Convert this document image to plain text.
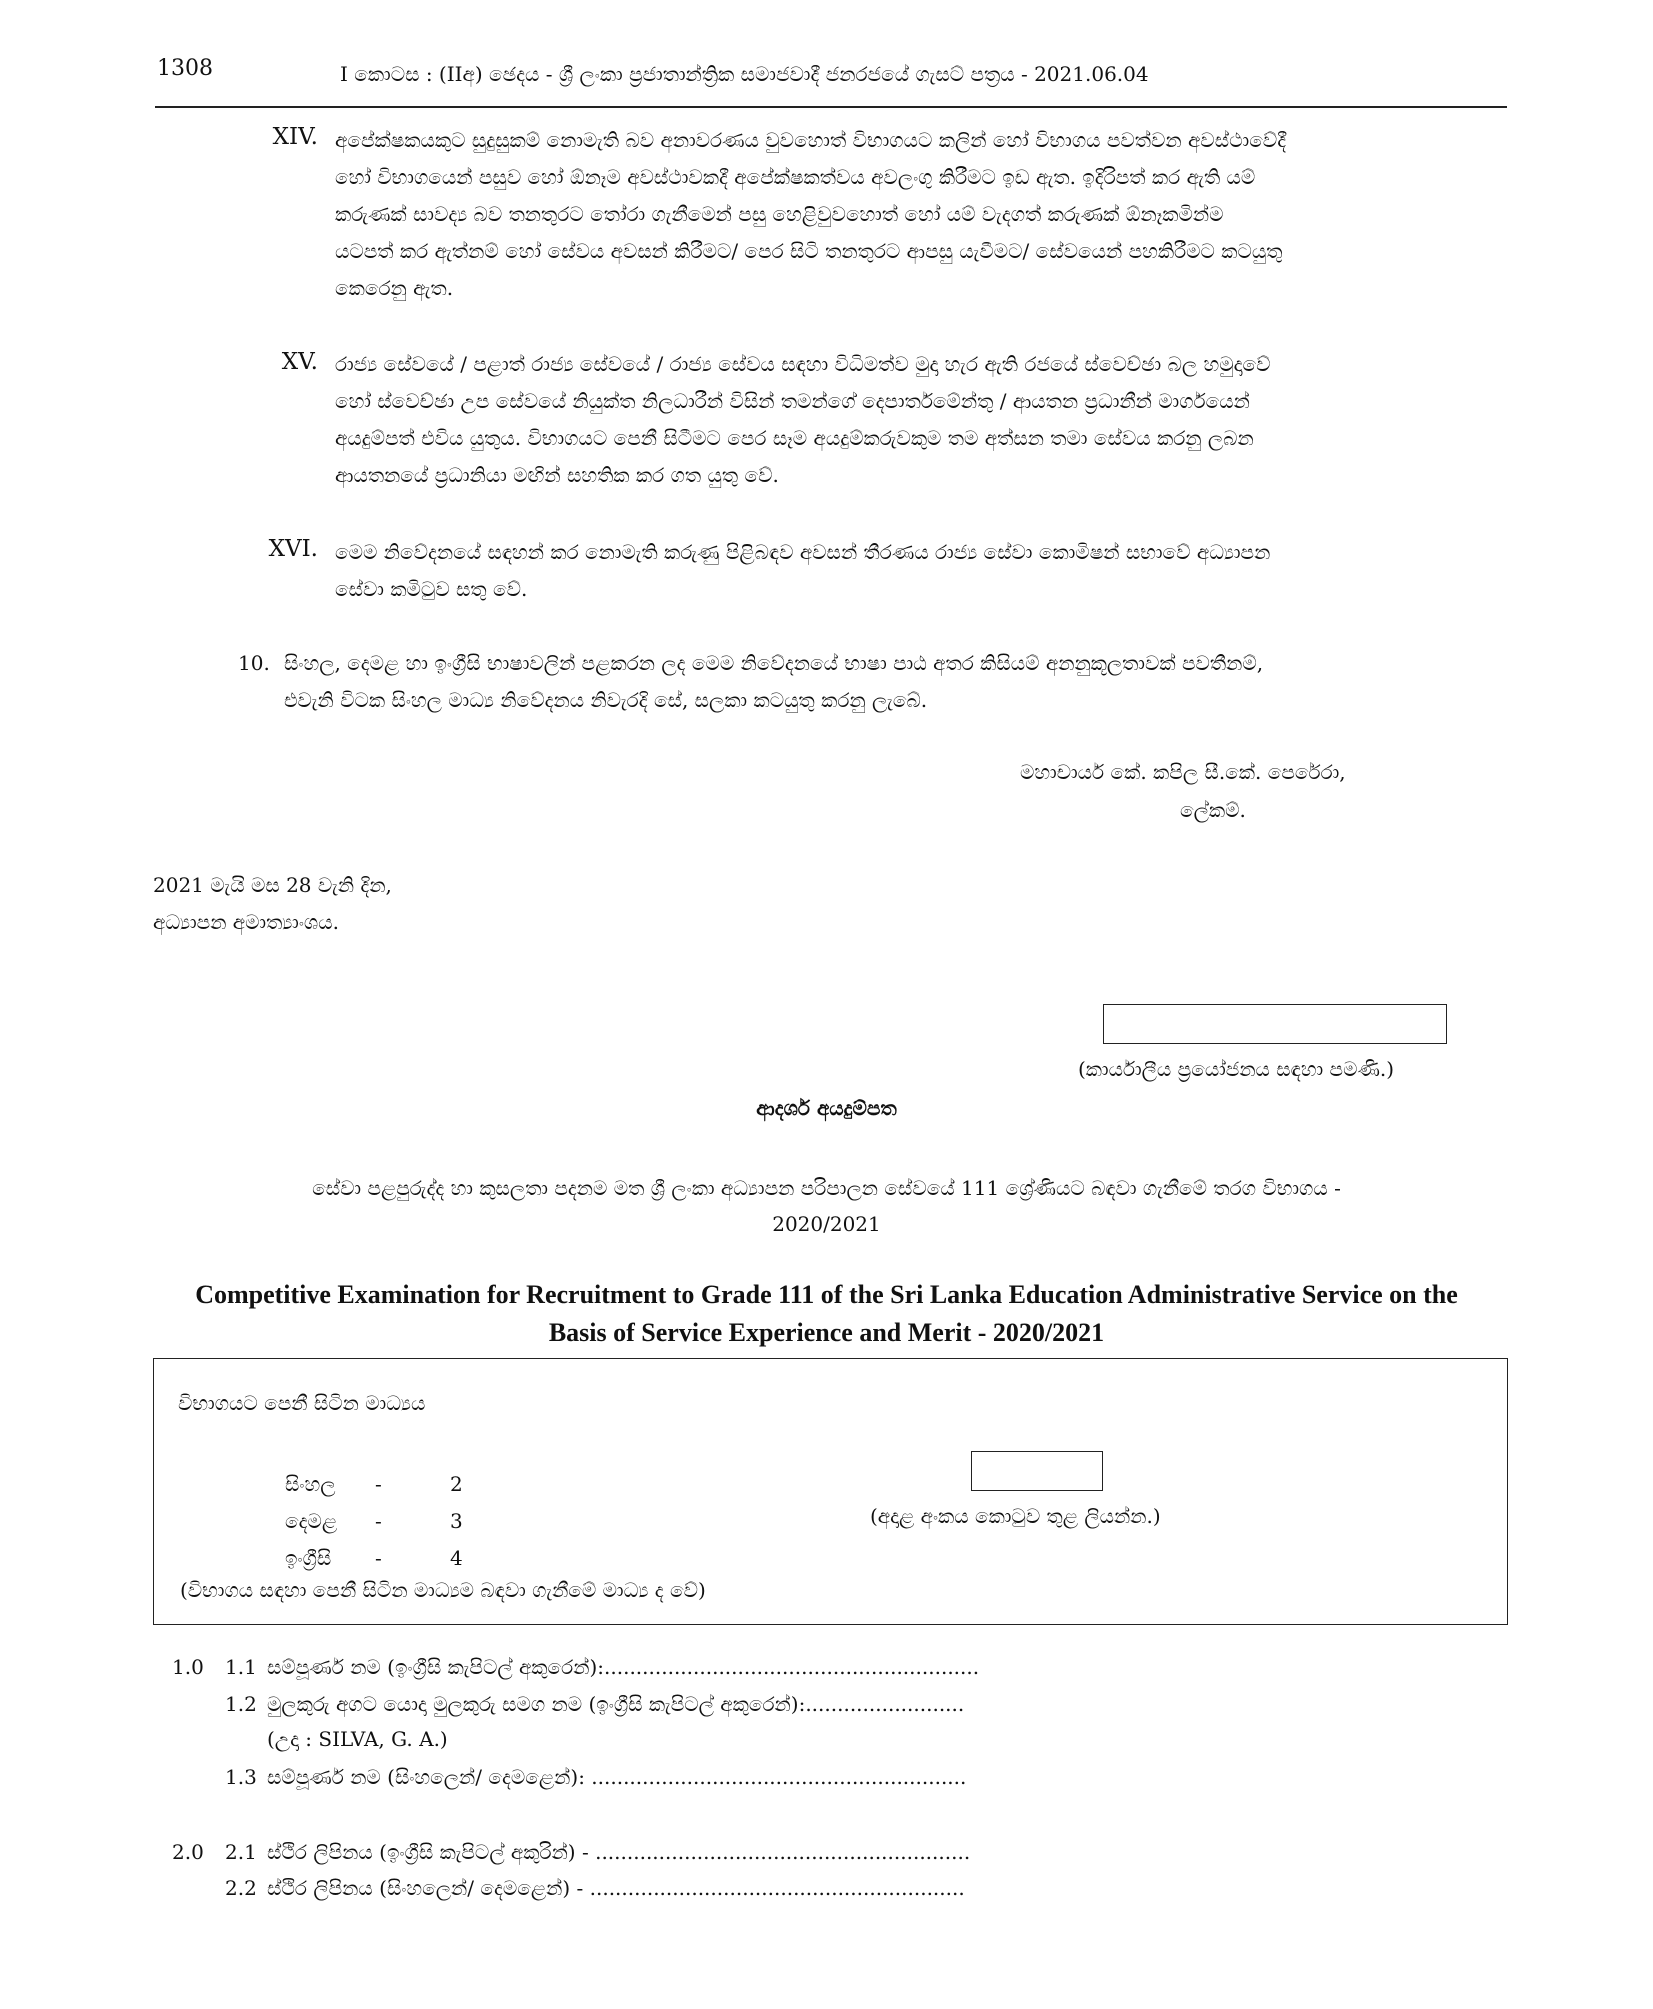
1308	I කොටස : (IIඅ) ඡෙදය - ශ්‍රී ලංකා ප්‍රජාතාන්ත්‍රික සමාජවාදී ජනරජයේ ගැසට් පත්‍රය - 2021.06.04
XIV. අපේක්ෂකයකුට සුදුසුකම් නොමැති බව අනාවරණය වුවහොත් විභාගයට කලින් හෝ විභාගය පවත්වන අවස්ථාවේදී
හෝ විභාගයෙන් පසුව හෝ ඕනෑම අවස්ථාවකදී අපේක්ෂකත්වය අවලංගු කිරීමට ඉඩ ඇත. ඉදිරිපත් කර ඇති යම්
කරුණක් සාවද්‍ය බව තනතුරට තෝරා ගැනීමෙන් පසු හෙළිවුවහොත් හෝ යම් වැදගත් කරුණක් ඕනෑකමින්ම
යටපත් කර ඇත්නම් හෝ සේවය අවසන් කිරීමට/ පෙර සිටි තනතුරට ආපසු යැවීමට/ සේවයෙන් පහකිරීමට කටයුතු
කෙරෙනු ඇත.
XV. රාජ්‍ය සේවයේ / පළාත් රාජ්‍ය සේවයේ / රාජ්‍ය සේවය සඳහා විධිමත්ව මුදා හැර ඇති රජයේ ස්වෙච්ඡා බල හමුදාවේ
හෝ ස්වෙච්ඡා උප සේවයේ නියුක්ත නිලධාරීන් විසින් තමන්ගේ දෙපාර්තමේන්තු / ආයතන ප්‍රධානීන් මාර්ගයෙන්
අයදුම්පත් එවිය යුතුය. විභාගයට පෙනී සිටීමට පෙර සෑම අයදුම්කරුවකුම තම අත්සන තමා සේවය කරනු ලබන
ආයතනයේ ප්‍රධානියා මඟින් සහතික කර ගත යුතු වේ.
XVI. මෙම නිවේදනයේ සඳහන් කර නොමැති කරුණු පිළිබඳව අවසන් තීරණය රාජ්‍ය සේවා කොමිෂන් සභාවේ අධ්‍යාපන
සේවා කමිටුව සතු වේ.
10. සිංහල, දෙමළ හා ඉංග්‍රීසි භාෂාවලින් පළකරන ලද මෙම නිවේදනයේ භාෂා පාඨ අතර කිසියම් අනනුකූලතාවක් පවතීනම්,
එවැනි විටක සිංහල මාධ්‍ය නිවේදනය නිවැරදි සේ, සලකා කටයුතු කරනු ලැබේ.
මහාචාර්ය කේ. කපිල සී.කේ. පෙරේරා,
ලේකම්.
2021 මැයි මස 28 වැනි දින,
අධ්‍යාපන අමාත්‍යාංශය.
(කාර්යාලීය ප්‍රයෝජනය සඳහා පමණි.)
ආදර්ශ අයදුම්පත
සේවා පළපුරුද්ද හා කුසලතා පදනම මත ශ්‍රී ලංකා අධ්‍යාපන පරිපාලන සේවයේ 111 ශ්‍රේණියට බඳවා ගැනීමේ තරග විභාගය -
2020/2021
Competitive Examination for Recruitment to Grade 111 of the Sri Lanka Education Administrative Service on the
Basis of Service Experience and Merit - 2020/2021
විභාගයට පෙනී සිටින මාධ්‍යය
සිංහල -	2
දෙමළ -	3
ඉංග්‍රීසි -	4
(අදාළ අංකය කොටුව තුළ ලියන්න.)
(විභාගය සඳහා පෙනී සිටින මාධ්‍යම බඳවා ගැනීමේ මාධ්‍ය ද වේ)
1.0 1.1 සම්පූර්ණ නම (ඉංග්‍රීසි කැපිටල් අකුරෙන්):...........................................................
1.2 මුලකුරු අගට යොදා මුලකුරු සමග නම (ඉංග්‍රීසි කැපිටල් අකුරෙන්):.........................
(උදා : SILVA, G. A.)
1.3 සම්පූර්ණ නම (සිංහලෙන්/ දෙමළෙන්): ...........................................................
2.0 2.1 ස්ථිර ලිපිනය (ඉංග්‍රීසි කැපිටල් අකුරින්) - ...........................................................
2.2 ස්ථිර ලිපිනය (සිංහලෙන්/ දෙමළෙන්) - ...........................................................
